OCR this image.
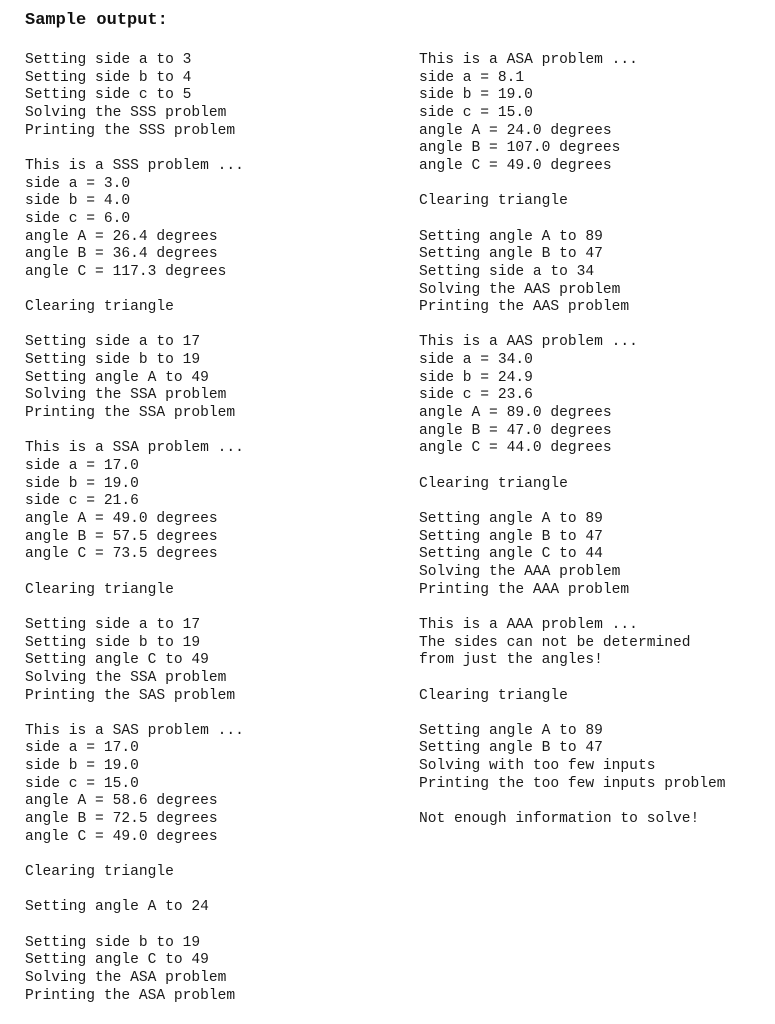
Sample output:
Setting side a to 3
Setting side b to 4
Setting side c to 5
Solving the SSS problem
Printing the SSS problem
This is a SSS problem ...
side a = 3.0
side b = 4.0
side c = 6.0
angle A = 26.4 degrees
angle B = 36.4 degrees
angle C = 117.3 degrees
Clearing triangle
Setting side a to 17
Setting side b to 19
Setting angle A to 49
Solving the SSA problem
Printing the SSA problem
This is a SSA problem ...
side a = 17.0
side b = 19.0
side c = 21.6
angle A = 49.0 degrees
angle B = 57.5 degrees
angle C = 73.5 degrees
Clearing triangle
Setting side a to 17
Setting side b to 19
Setting angle C to 49
Solving the SSA problem
Printing the SAS problem
This is a SAS problem ...
side a = 17.0
side b = 19.0
side c = 15.0
angle A = 58.6 degrees
angle B = 72.5 degrees
angle C = 49.0 degrees
Clearing triangle
Setting angle A to 24
Setting side b to 19
Setting angle C to 49
Solving the ASA problem
Printing the ASA problem
This is a ASA problem ...
side a = 8.1
side b = 19.0
side c = 15.0
angle A = 24.0 degrees
angle B = 107.0 degrees
angle C = 49.0 degrees
Clearing triangle
Setting angle A to 89
Setting angle B to 47
Setting side a to 34
Solving the AAS problem
Printing the AAS problem
This is a AAS problem ...
side a = 34.0
side b = 24.9
side c = 23.6
angle A = 89.0 degrees
angle B = 47.0 degrees
angle C = 44.0 degrees
Clearing triangle
Setting angle A to 89
Setting angle B to 47
Setting angle C to 44
Solving the AAA problem
Printing the AAA problem
This is a AAA problem ...
The sides can not be determined
from just the angles!
Clearing triangle
Setting angle A to 89
Setting angle B to 47
Solving with too few inputs
Printing the too few inputs problem
Not enough information to solve!
